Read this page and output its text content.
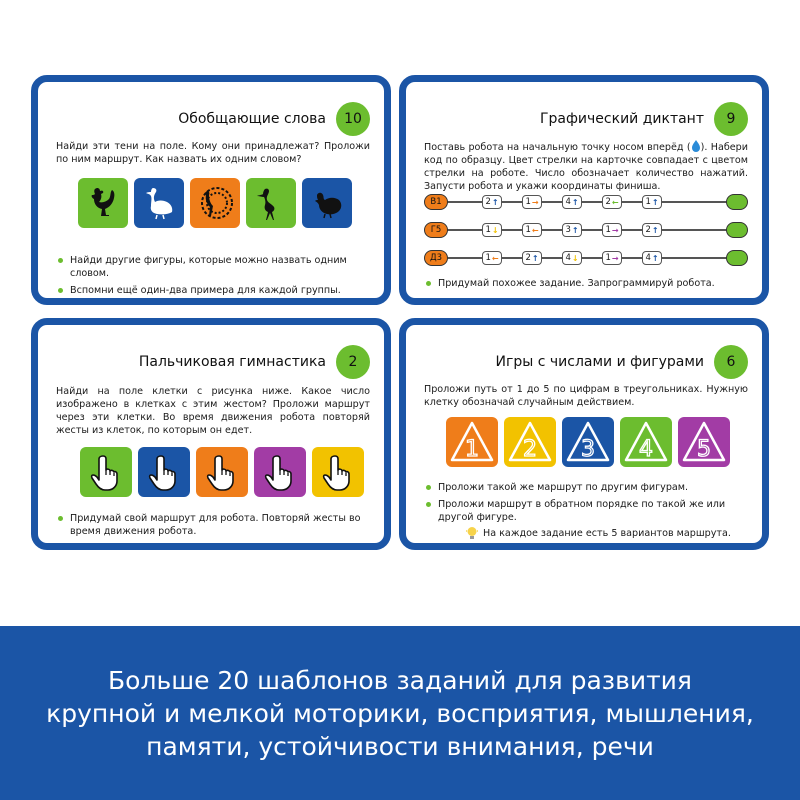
Обобщающие слова	10
Найди эти тени на поле. Кому они принадлежат? Проложи по ним маршрут. Как назвать их одним словом?
Найди другие фигуры, которые можно назвать одним словом.
Вспомни ещё один-два примера для каждой группы.
Графический диктант	9
Поставь робота на начальную точку носом вперёд ( ). Набери код по образцу. Цвет стрелки на карточке совпадает с цветом стрелки на роботе. Число обозначает количество нажатий. Запусти робота и укажи координаты финиша.
В1	2 ↑	1 →	4 ↑	2 ←	1 ↑
Г5	1 ↓	1 ←	3 ↑	1 →	2 ↑
Д3	1 ←	2 ↑	4 ↓	1 →	4 ↑
Придумай похожее задание. Запрограммируй робота.
Пальчиковая гимнастика	2
Найди на поле клетки с рисунка ниже. Какое число изображено в клетках с этим жестом? Проложи маршрут через эти клетки. Во время движения робота повторяй жесты из клеток, по которым он едет.
Придумай свой маршрут для робота. Повторяй жесты во время движения робота.
Игры с числами и фигурами	6
Проложи путь от 1 до 5 по цифрам в треугольниках. Нужную клетку обозначай случайным действием.
1 2 3 4 5
Проложи такой же маршрут по другим фигурам.
Проложи маршрут в обратном порядке по такой же или другой фигуре.
На каждое задание есть 5 вариантов маршрута.
Больше 20 шаблонов заданий для развития
крупной и мелкой моторики, восприятия, мышления,
памяти, устойчивости внимания, речи
